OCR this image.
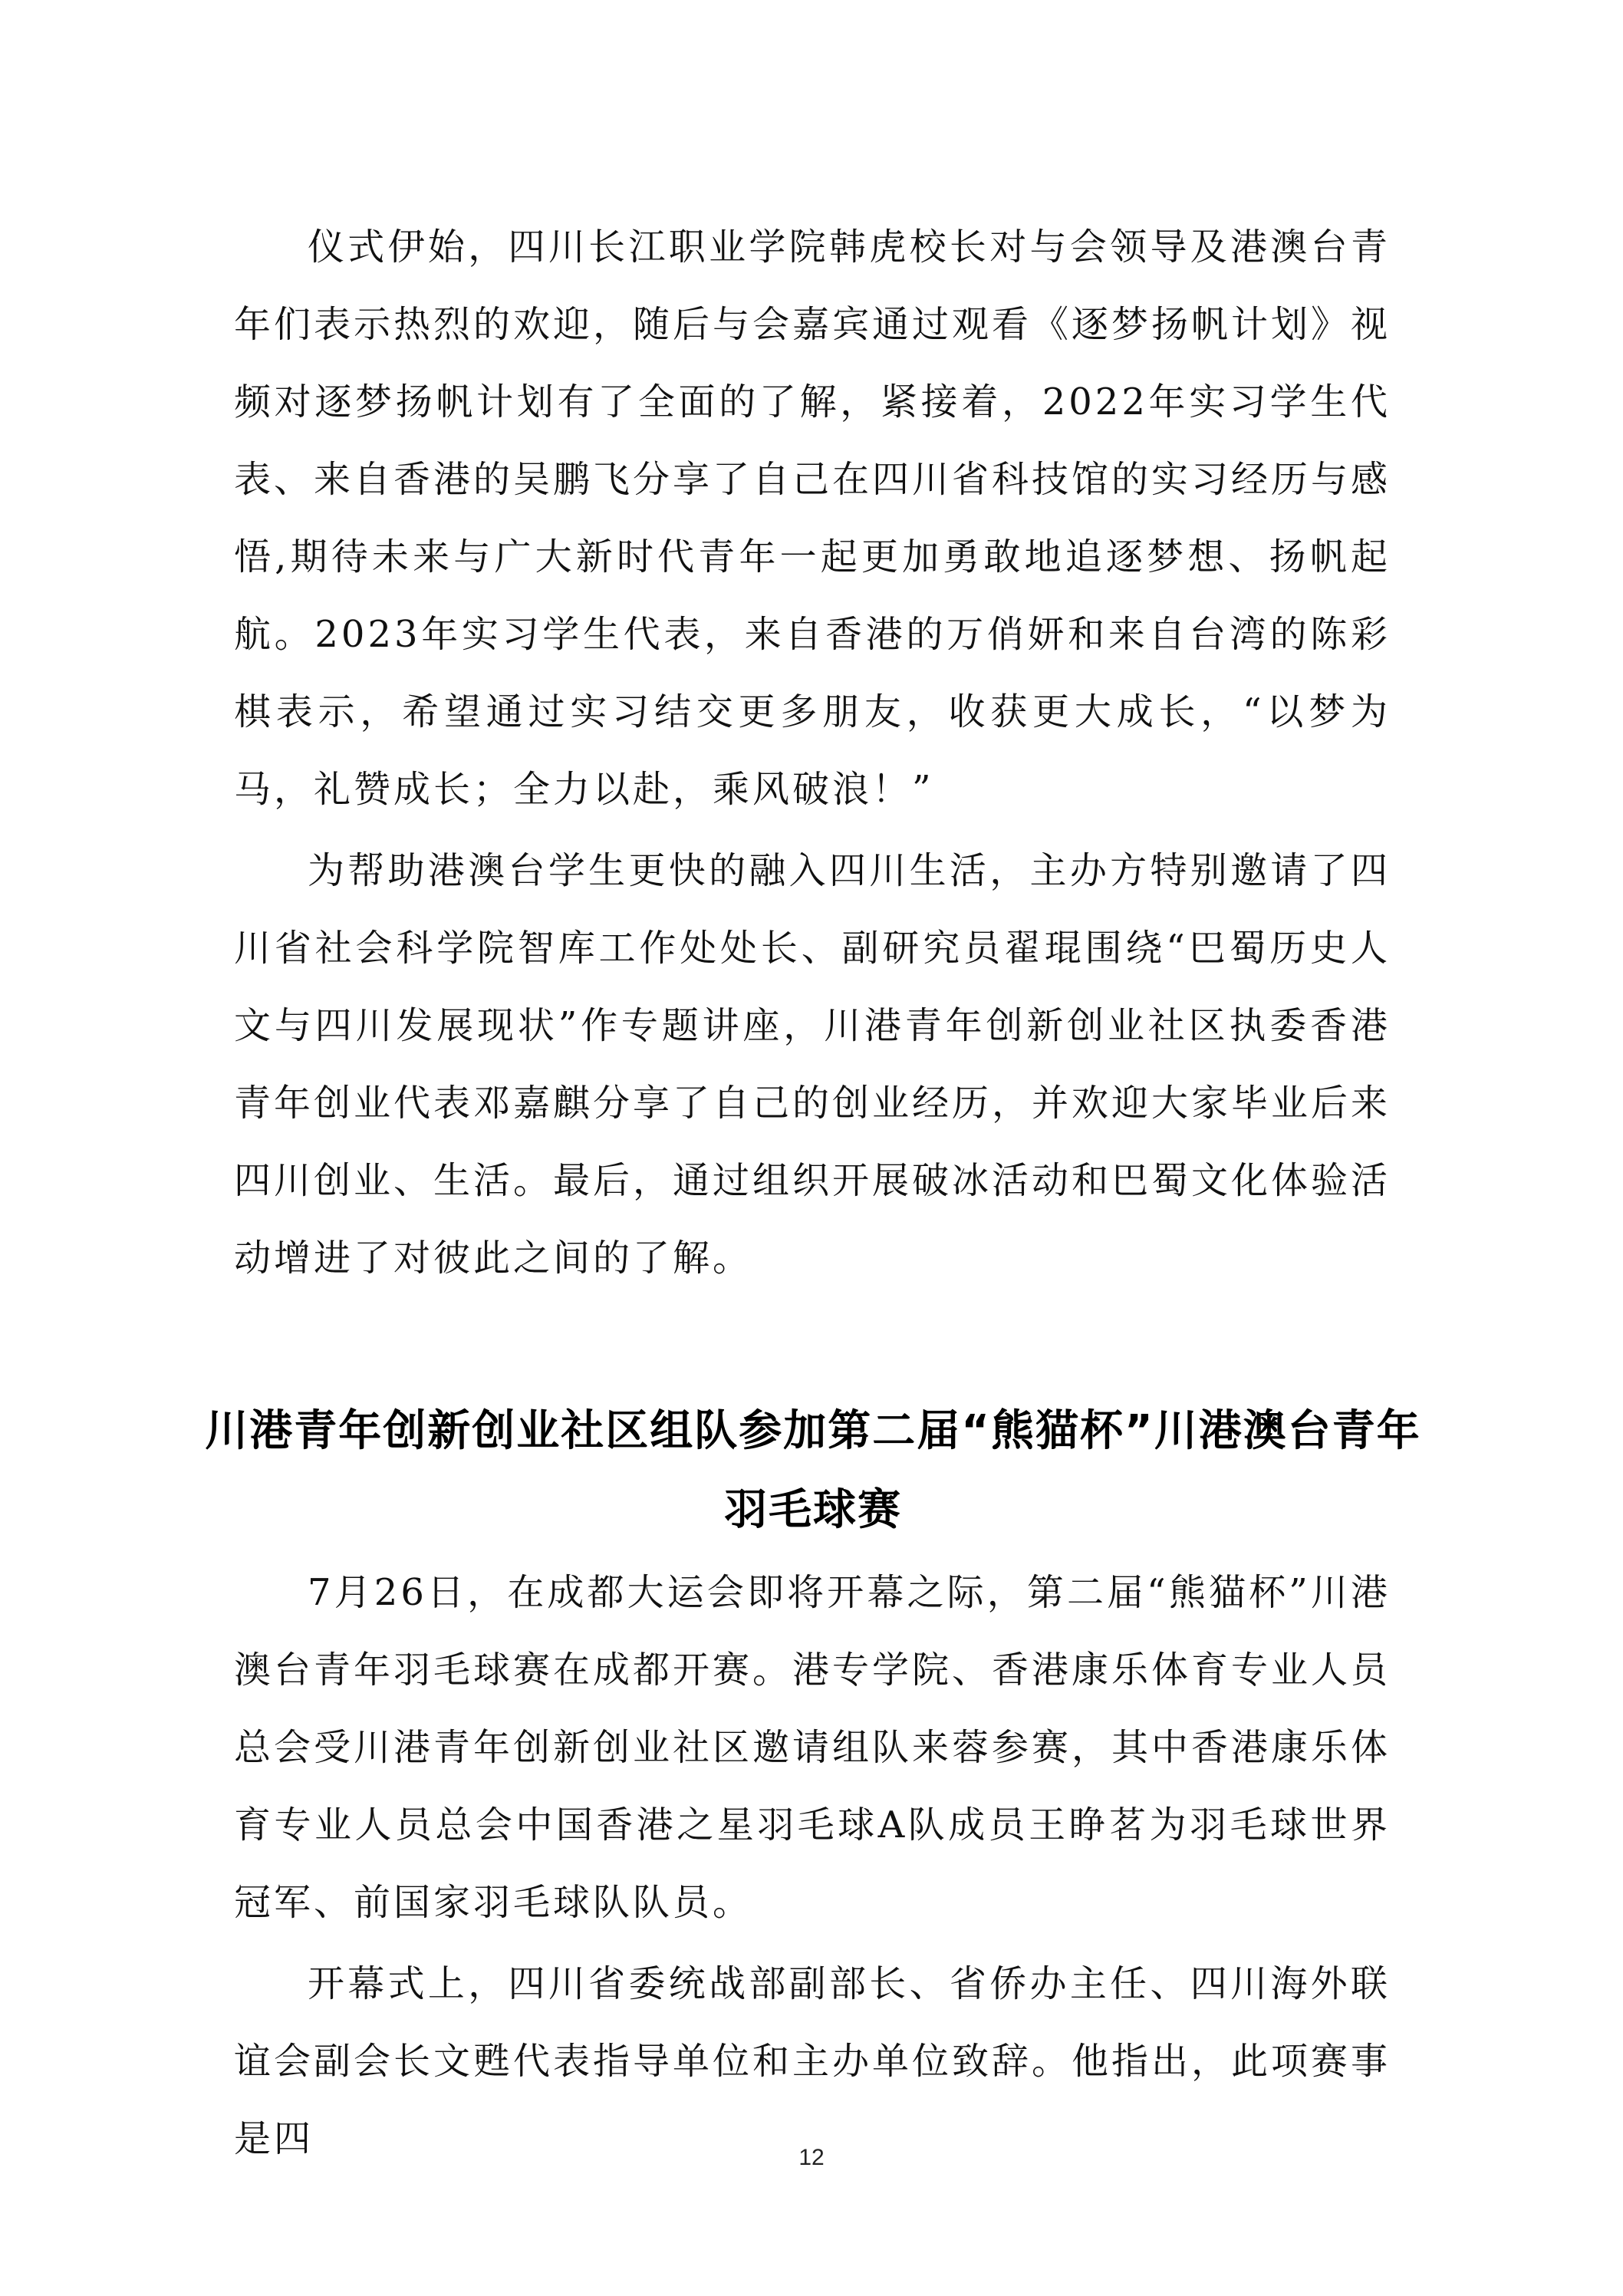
仪式伊始，四川长江职业学院韩虎校长对与会领导及港澳台青年们表示热烈的欢迎，随后与会嘉宾通过观看《逐梦扬帆计划》视频对逐梦扬帆计划有了全面的了解，紧接着，2022年实习学生代表、来自香港的吴鹏飞分享了自己在四川省科技馆的实习经历与感悟,期待未来与广大新时代青年一起更加勇敢地追逐梦想、扬帆起航。2023年实习学生代表，来自香港的万俏妍和来自台湾的陈彩棋表示，希望通过实习结交更多朋友，收获更大成长，“以梦为马，礼赞成长；全力以赴，乘风破浪！”

为帮助港澳台学生更快的融入四川生活，主办方特别邀请了四川省社会科学院智库工作处处长、副研究员翟琨围绕“巴蜀历史人文与四川发展现状”作专题讲座，川港青年创新创业社区执委香港青年创业代表邓嘉麒分享了自己的创业经历，并欢迎大家毕业后来四川创业、生活。最后，通过组织开展破冰活动和巴蜀文化体验活动增进了对彼此之间的了解。

川港青年创新创业社区组队参加第二届“熊猫杯”川港澳台青年羽毛球赛

7月26日，在成都大运会即将开幕之际，第二届“熊猫杯”川港澳台青年羽毛球赛在成都开赛。港专学院、香港康乐体育专业人员总会受川港青年创新创业社区邀请组队来蓉参赛，其中香港康乐体育专业人员总会中国香港之星羽毛球A队成员王睁茗为羽毛球世界冠军、前国家羽毛球队队员。

开幕式上，四川省委统战部副部长、省侨办主任、四川海外联谊会副会长文甦代表指导单位和主办单位致辞。他指出，此项赛事是四	12
